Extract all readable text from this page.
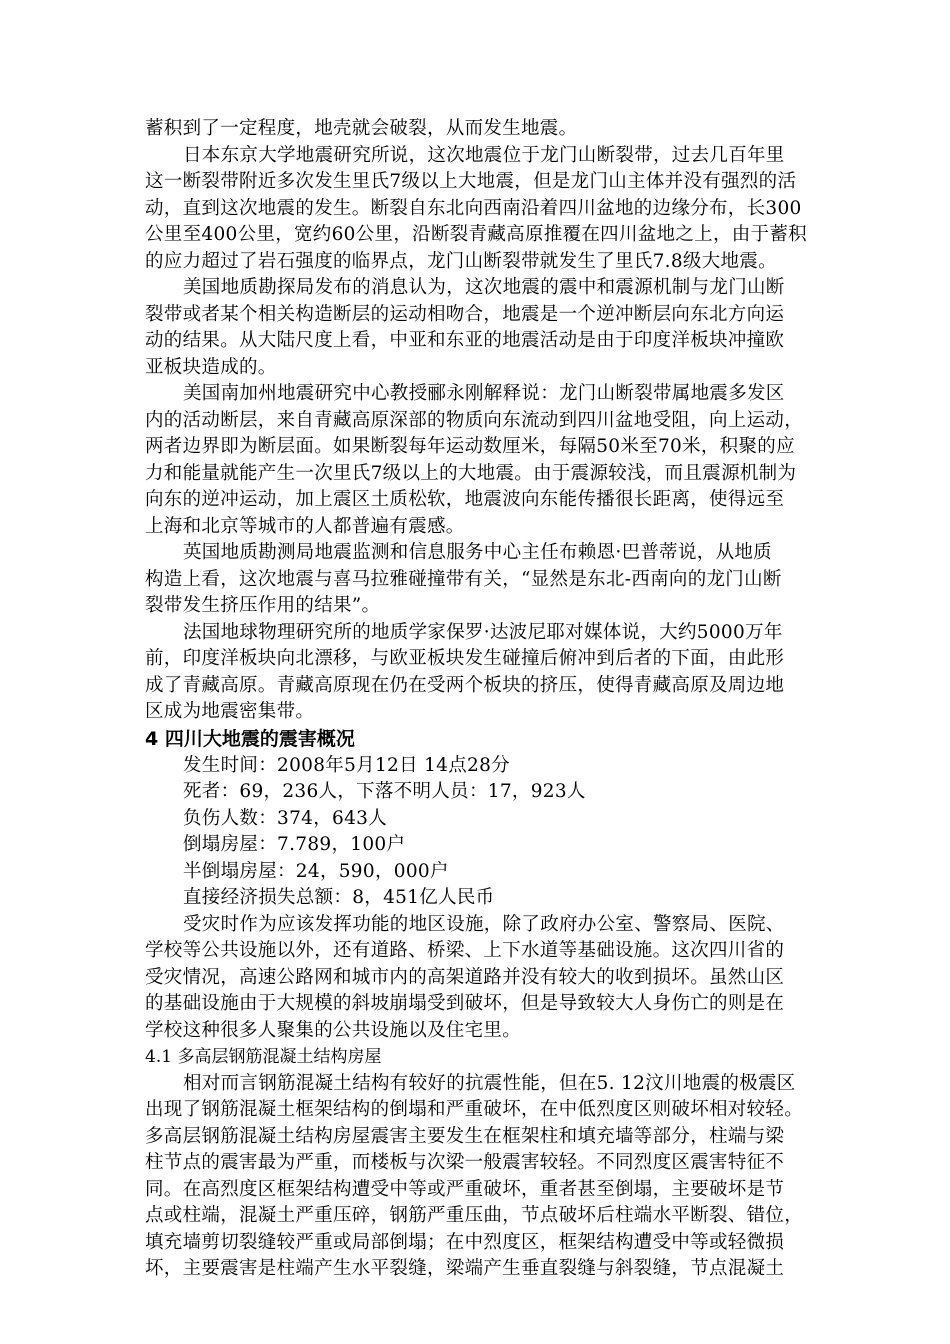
蓄积到了一定程度，地壳就会破裂，从而发生地震。
日本东京大学地震研究所说，这次地震位于龙门山断裂带，过去几百年里
这一断裂带附近多次发生里氏7级以上大地震，但是龙门山主体并没有强烈的活
动，直到这次地震的发生。断裂自东北向西南沿着四川盆地的边缘分布，长300
公里至400公里，宽约60公里，沿断裂青藏高原推覆在四川盆地之上，由于蓄积
的应力超过了岩石强度的临界点，龙门山断裂带就发生了里氏7.8级大地震。
美国地质勘探局发布的消息认为，这次地震的震中和震源机制与龙门山断
裂带或者某个相关构造断层的运动相吻合，地震是一个逆冲断层向东北方向运
动的结果。从大陆尺度上看，中亚和东亚的地震活动是由于印度洋板块冲撞欧
亚板块造成的。
美国南加州地震研究中心教授郦永刚解释说：龙门山断裂带属地震多发区
内的活动断层，来自青藏高原深部的物质向东流动到四川盆地受阻，向上运动，
两者边界即为断层面。如果断裂每年运动数厘米，每隔50米至70米，积聚的应
力和能量就能产生一次里氏7级以上的大地震。由于震源较浅，而且震源机制为
向东的逆冲运动，加上震区土质松软，地震波向东能传播很长距离，使得远至
上海和北京等城市的人都普遍有震感。
英国地质勘测局地震监测和信息服务中心主任布赖恩·巴普蒂说，从地质
构造上看，这次地震与喜马拉雅碰撞带有关，“显然是东北-西南向的龙门山断
裂带发生挤压作用的结果”。
法国地球物理研究所的地质学家保罗·达波尼耶对媒体说，大约5000万年
前，印度洋板块向北漂移，与欧亚板块发生碰撞后俯冲到后者的下面，由此形
成了青藏高原。青藏高原现在仍在受两个板块的挤压，使得青藏高原及周边地
区成为地震密集带。
4 四川大地震的震害概况
发生时间：2008年5月12日 14点28分
死者：69，236人，下落不明人员：17，923人
负伤人数：374，643人
倒塌房屋：7.789，100户
半倒塌房屋：24，590，000户
直接经济损失总额：8，451亿人民币
受灾时作为应该发挥功能的地区设施，除了政府办公室、警察局、医院、
学校等公共设施以外，还有道路、桥梁、上下水道等基础设施。这次四川省的
受灾情况，高速公路网和城市内的高架道路并没有较大的收到损坏。虽然山区
的基础设施由于大规模的斜坡崩塌受到破坏，但是导致较大人身伤亡的则是在
学校这种很多人聚集的公共设施以及住宅里。
4.1 多高层钢筋混凝土结构房屋
相对而言钢筋混凝土结构有较好的抗震性能，但在5. 12汶川地震的极震区
出现了钢筋混凝土框架结构的倒塌和严重破坏，在中低烈度区则破坏相对较轻。
多高层钢筋混凝土结构房屋震害主要发生在框架柱和填充墙等部分，柱端与梁
柱节点的震害最为严重，而楼板与次梁一般震害较轻。不同烈度区震害特征不
同。在高烈度区框架结构遭受中等或严重破坏，重者甚至倒塌，主要破坏是节
点或柱端，混凝土严重压碎，钢筋严重压曲，节点破坏后柱端水平断裂、错位，
填充墙剪切裂缝较严重或局部倒塌；在中烈度区，框架结构遭受中等或轻微损
坏，主要震害是柱端产生水平裂缝，梁端产生垂直裂缝与斜裂缝，节点混凝土
